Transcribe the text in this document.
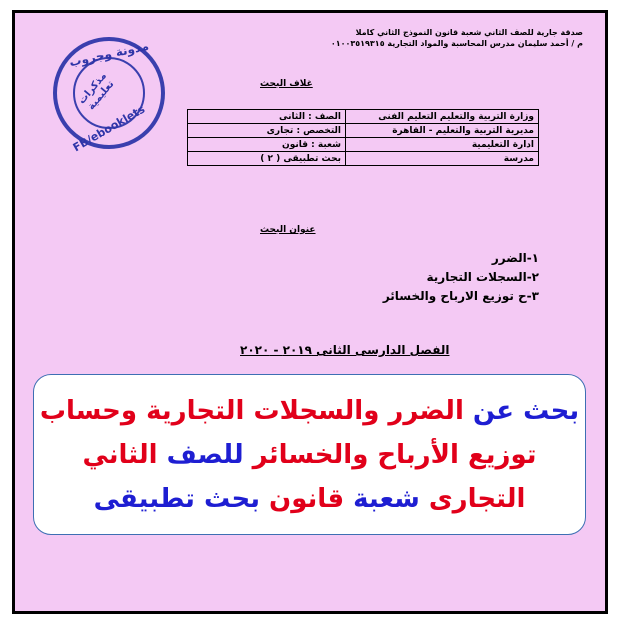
صدقة جارية للصف الثاني شعبة قانون النموذج الثاني كاملا
م / أحمد سليمان مدرس المحاسبة والمواد التجارية ٠١٠٠٣٥١٩٣١٥
مدونة وجروب
مذكرات تعليمية
FB/ebooklets
غلاف البحث
وزارة التربية والتعليم التعليم الفنى	الصف : الثانى
مديرية التربية والتعليم - القاهرة	التخصص : تجارى
ادارة التعليمية	شعبة : قانون
مدرسة	بحث تطبيقى ( ٢ )
عنوان البحث
١-الضرر
٢-السجلات التجارية
٣-ح توزيع الارباح والخسائر
الفصل الدارسى الثانى ٢٠١٩ - ٢٠٢٠
بحث عن الضرر والسجلات التجارية وحساب
توزيع الأرباح والخسائر للصف الثاني
التجارى شعبة قانون بحث تطبيقى
